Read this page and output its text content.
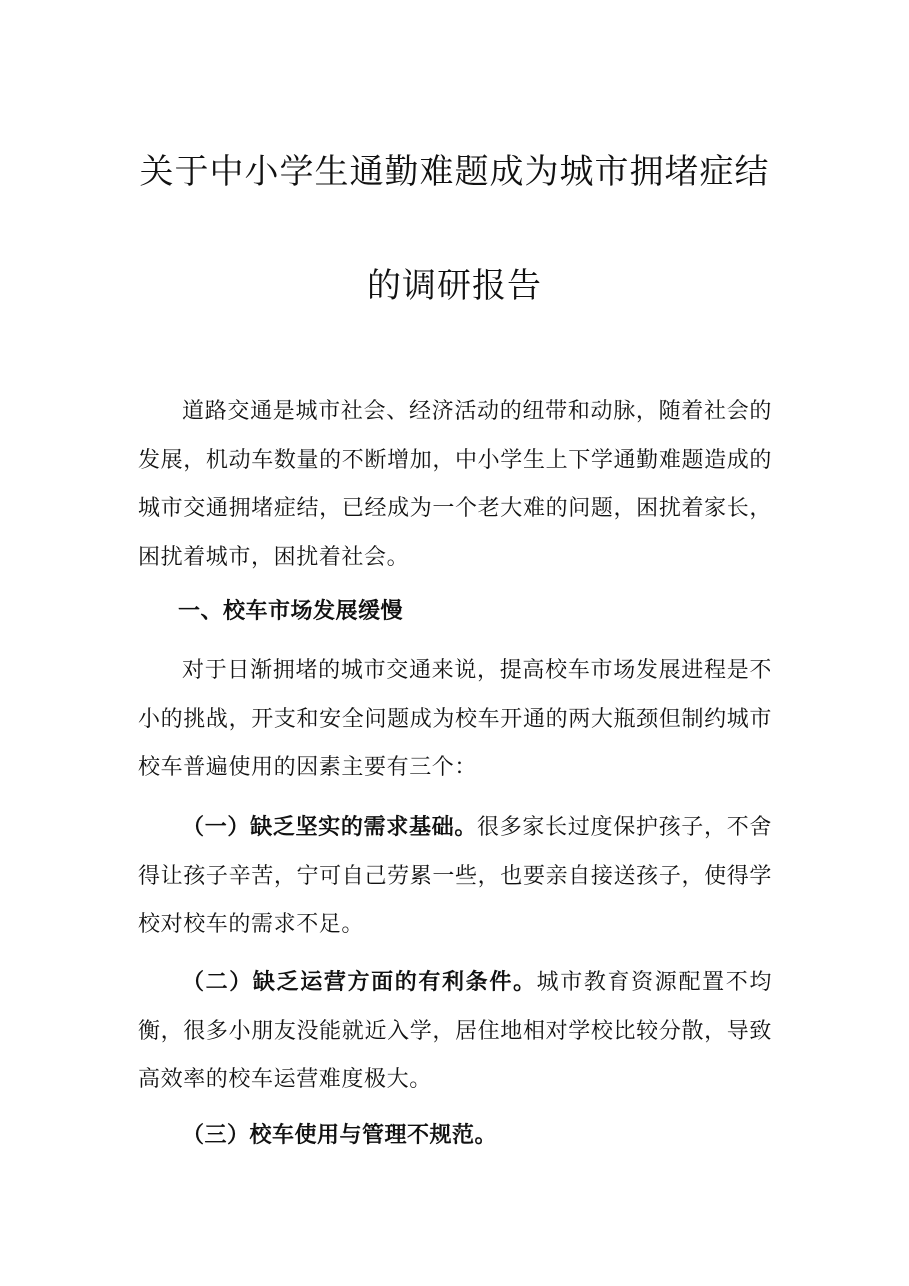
关于中小学生通勤难题成为城市拥堵症结
的调研报告

道路交通是城市社会、经济活动的纽带和动脉，随着社会的发展，机动车数量的不断增加，中小学生上下学通勤难题造成的城市交通拥堵症结，已经成为一个老大难的问题，困扰着家长，困扰着城市，困扰着社会。

一、校车市场发展缓慢

对于日渐拥堵的城市交通来说，提高校车市场发展进程是不小的挑战，开支和安全问题成为校车开通的两大瓶颈但制约城市校车普遍使用的因素主要有三个：

（一）缺乏坚实的需求基础。很多家长过度保护孩子，不舍得让孩子辛苦，宁可自己劳累一些，也要亲自接送孩子，使得学校对校车的需求不足。

（二）缺乏运营方面的有利条件。城市教育资源配置不均衡，很多小朋友没能就近入学，居住地相对学校比较分散，导致高效率的校车运营难度极大。

（三）校车使用与管理不规范。
